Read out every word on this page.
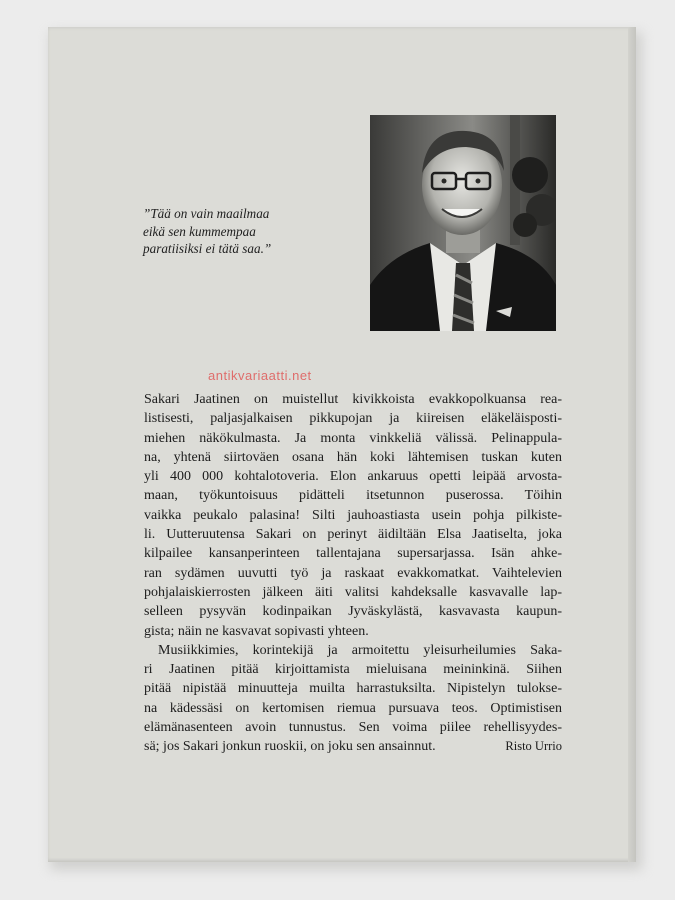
”Tää on vain maailmaa
eikä sen kummempaa
paratiisiksi ei tätä saa.”
Sakari Jaatinen on muistellut kivikkoista evakkopolkuansa rea-
listisesti, paljasjalkaisen pikkupojan ja kiireisen eläkeläisposti-
miehen näkökulmasta. Ja monta vinkkeliä välissä. Pelinappula-
na, yhtenä siirtoväen osana hän koki lähtemisen tuskan kuten
yli 400 000 kohtalotoveria. Elon ankaruus opetti leipää arvosta-
maan, työkuntoisuus pidätteli itsetunnon puserossa. Töihin
vaikka peukalo palasina! Silti jauhoastiasta usein pohja pilkiste-
li. Uutteruutensa Sakari on perinyt äidiltään Elsa Jaatiselta, joka
kilpailee kansanperinteen tallentajana supersarjassa. Isän ahke-
ran sydämen uuvutti työ ja raskaat evakkomatkat. Vaihtelevien
pohjalaiskierrosten jälkeen äiti valitsi kahdeksalle kasvavalle lap-
selleen pysyvän kodinpaikan Jyväskylästä, kasvavasta kaupun-
gista; näin ne kasvavat sopivasti yhteen.
Musiikkimies, korintekijä ja armoitettu yleisurheilumies Saka-
ri Jaatinen pitää kirjoittamista mieluisana meininkinä. Siihen
pitää nipistää minuutteja muilta harrastuksilta. Nipistelyn tulokse-
na kädessäsi on kertomisen riemua pursuava teos. Optimistisen
elämänasenteen avoin tunnustus. Sen voima piilee rehellisyydes-
sä; jos Sakari jonkun ruoskii, on joku sen ansainnut.	Risto Urrio
antikvariaatti.net
